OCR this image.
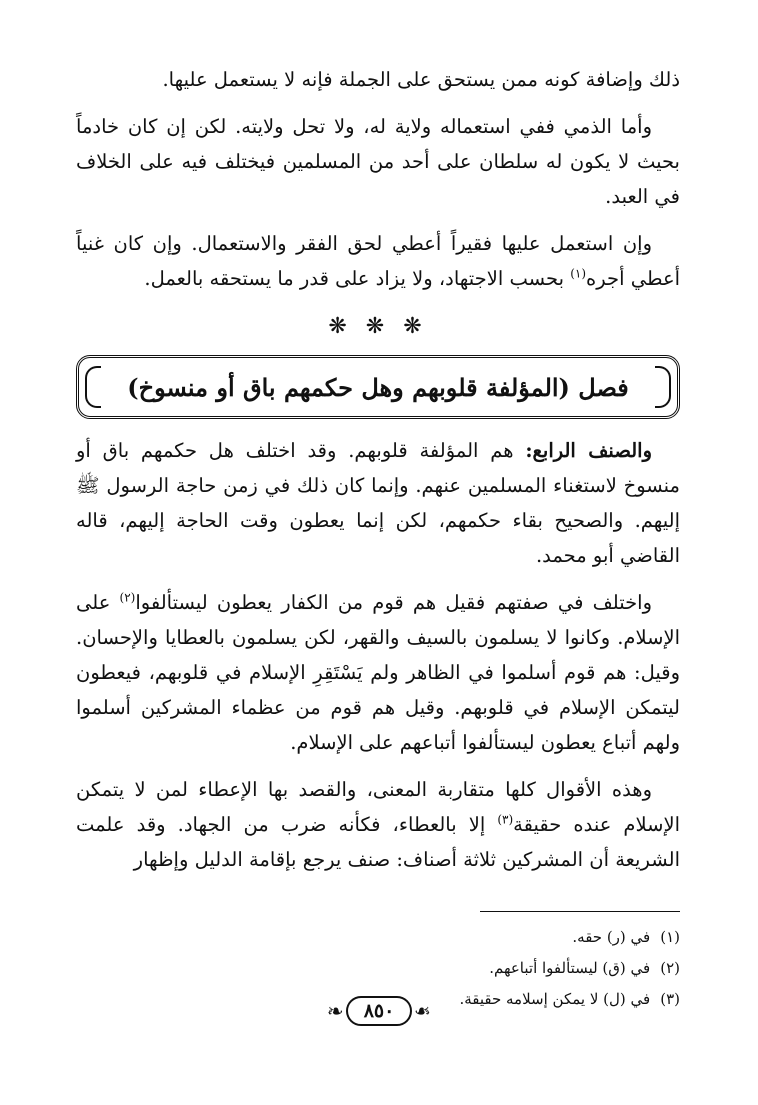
ذلك وإضافة كونه ممن يستحق على الجملة فإنه لا يستعمل عليها.

وأما الذمي ففي استعماله ولاية له، ولا تحل ولايته. لكن إن كان خادماً بحيث لا يكون له سلطان على أحد من المسلمين فيختلف فيه على الخلاف في العبد.

وإن استعمل عليها فقيراً أعطي لحق الفقر والاستعمال. وإن كان غنياً أعطي أجره$^{(١)}$ بحسب الاجتهاد، ولا يزاد على قدر ما يستحقه بالعمل.

❋ ❋ ❋
فصل (المؤلفة قلوبهم وهل حكمهم باق أو منسوخ)

والصنف الرابع: هم المؤلفة قلوبهم. وقد اختلف هل حكمهم باق أو منسوخ لاستغناء المسلمين عنهم. وإنما كان ذلك في زمن حاجة الرسول ﷺ إليهم. والصحيح بقاء حكمهم، لكن إنما يعطون وقت الحاجة إليهم، قاله القاضي أبو محمد.

واختلف في صفتهم فقيل هم قوم من الكفار يعطون ليستألفوا$^{(٢)}$ على الإسلام. وكانوا لا يسلمون بالسيف والقهر، لكن يسلمون بالعطايا والإحسان. وقيل: هم قوم أسلموا في الظاهر ولم يَسْتَقِرِ الإسلام في قلوبهم، فيعطون ليتمكن الإسلام في قلوبهم. وقيل هم قوم من عظماء المشركين أسلموا ولهم أتباع يعطون ليستألفوا أتباعهم على الإسلام.

وهذه الأقوال كلها متقاربة المعنى، والقصد بها الإعطاء لمن لا يتمكن الإسلام عنده حقيقة$^{(٣)}$ إلا بالعطاء، فكأنه ضرب من الجهاد. وقد علمت الشريعة أن المشركين ثلاثة أصناف: صنف يرجع بإقامة الدليل وإظهار

(١)في (ر) حقه.

(٢)في (ق) ليستألفوا أتباعهم.

(٣)في (ل) لا يمكن إسلامه حقيقة.

❧	٨٥٠	❧
